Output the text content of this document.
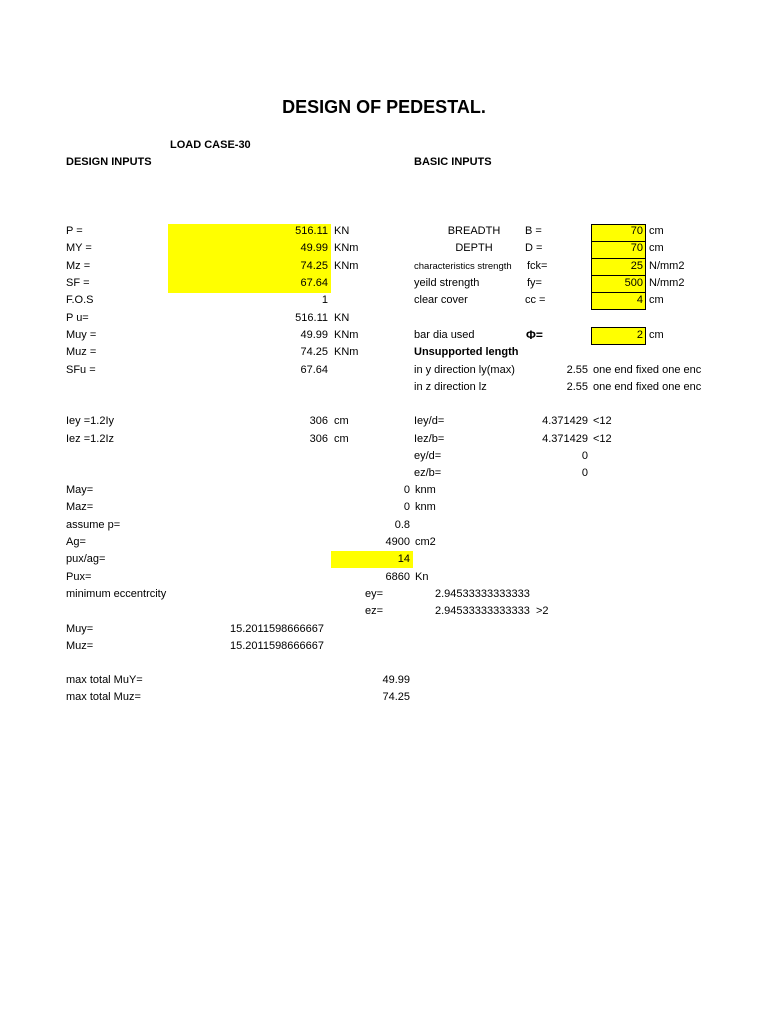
DESIGN OF PEDESTAL.
LOAD CASE-30
DESIGN INPUTS	BASIC INPUTS
P =	516.11 KN
MY =	49.99 KNm
Mz =	74.25 KNm
SF =	67.64
F.O.S	1
P u=	516.11 KN
Muy =	49.99 KNm
Muz =	74.25 KNm
SFu =	67.64
Iey =1.2Iy	306 cm
Iez =1.2Iz	306 cm
BREADTH	B =	70 cm
DEPTH	D =	70 cm
characteristics strength fck=	25 N/mm2
yeild strength	fy=	500 N/mm2
clear cover	cc =	4 cm
bar dia used	Φ=	2 cm
Unsupported length
in y direction ly(max)	2.55 one end fixed one enc
in z direction lz	2.55 one end fixed one enc
Iey/d=	4.371429 <12
Iez/b=	4.371429 <12
ey/d=	0
ez/b=	0
May=	0 knm
Maz=	0 knm
assume p=	0.8
Ag=	4900 cm2
pux/ag=	14
Pux=	6860 Kn
minimum eccentrcity	ey=	2.94533333333333
ez=	2.94533333333333 >2
Muy=	15.2011598666667
Muz=	15.2011598666667
max total MuY=	49.99
max total Muz=	74.25
